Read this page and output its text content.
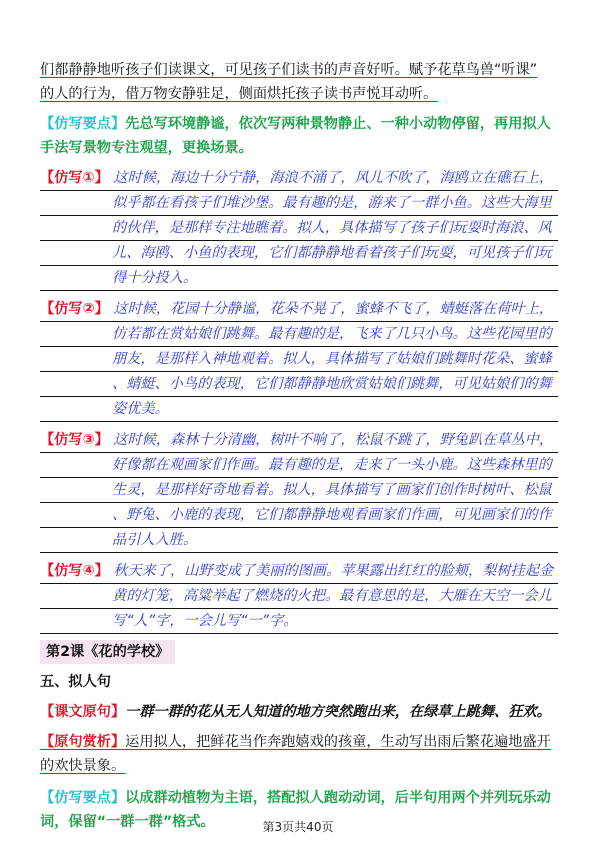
们都静静地听孩子们读课文，可见孩子们读书的声音好听。赋予花草鸟兽“听课”
的人的行为，借万物安静驻足，侧面烘托孩子读书声悦耳动听。
【仿写要点】先总写环境静谧，依次写两种景物静止、一种小动物停留，再用拟人
手法写景物专注观望，更换场景。
【仿写①】 这时候，海边十分宁静，海浪不涌了，风儿不吹了，海鸥立在礁石上，
似乎都在看孩子们堆沙堡。最有趣的是，游来了一群小鱼。这些大海里
的伙伴，是那样专注地瞧着。拟人，具体描写了孩子们玩耍时海浪、风
儿、海鸥、小鱼的表现，它们都静静地看着孩子们玩耍，可见孩子们玩
得十分投入。
【仿写②】 这时候，花园十分静谧，花朵不晃了，蜜蜂不飞了，蜻蜓落在荷叶上，
仿若都在赏姑娘们跳舞。最有趣的是，飞来了几只小鸟。这些花园里的
朋友，是那样入神地观着。拟人，具体描写了姑娘们跳舞时花朵、蜜蜂
、蜻蜓、小鸟的表现，它们都静静地欣赏姑娘们跳舞，可见姑娘们的舞
姿优美。
【仿写③】 这时候，森林十分清幽，树叶不响了，松鼠不跳了，野兔趴在草丛中，
好像都在观画家们作画。最有趣的是，走来了一头小鹿。这些森林里的
生灵，是那样好奇地看着。拟人，具体描写了画家们创作时树叶、松鼠
、野兔、小鹿的表现，它们都静静地观看画家们作画，可见画家们的作
品引人入胜。
【仿写④】 秋天来了，山野变成了美丽的图画。苹果露出红红的脸颊，梨树挂起金
黄的灯笼，高粱举起了燃烧的火把。最有意思的是，大雁在天空一会儿
写“人”字，一会儿写“一”字。
第2课《花的学校》
五、拟人句
【课文原句】一群一群的花从无人知道的地方突然跑出来，在绿草上跳舞、狂欢。
【原句赏析】运用拟人，把鲜花当作奔跑嬉戏的孩童，生动写出雨后繁花遍地盛开
的欢快景象。
【仿写要点】以成群动植物为主语，搭配拟人跑动动词，后半句用两个并列玩乐动
词，保留“一群一群”格式。	第3页共40页
